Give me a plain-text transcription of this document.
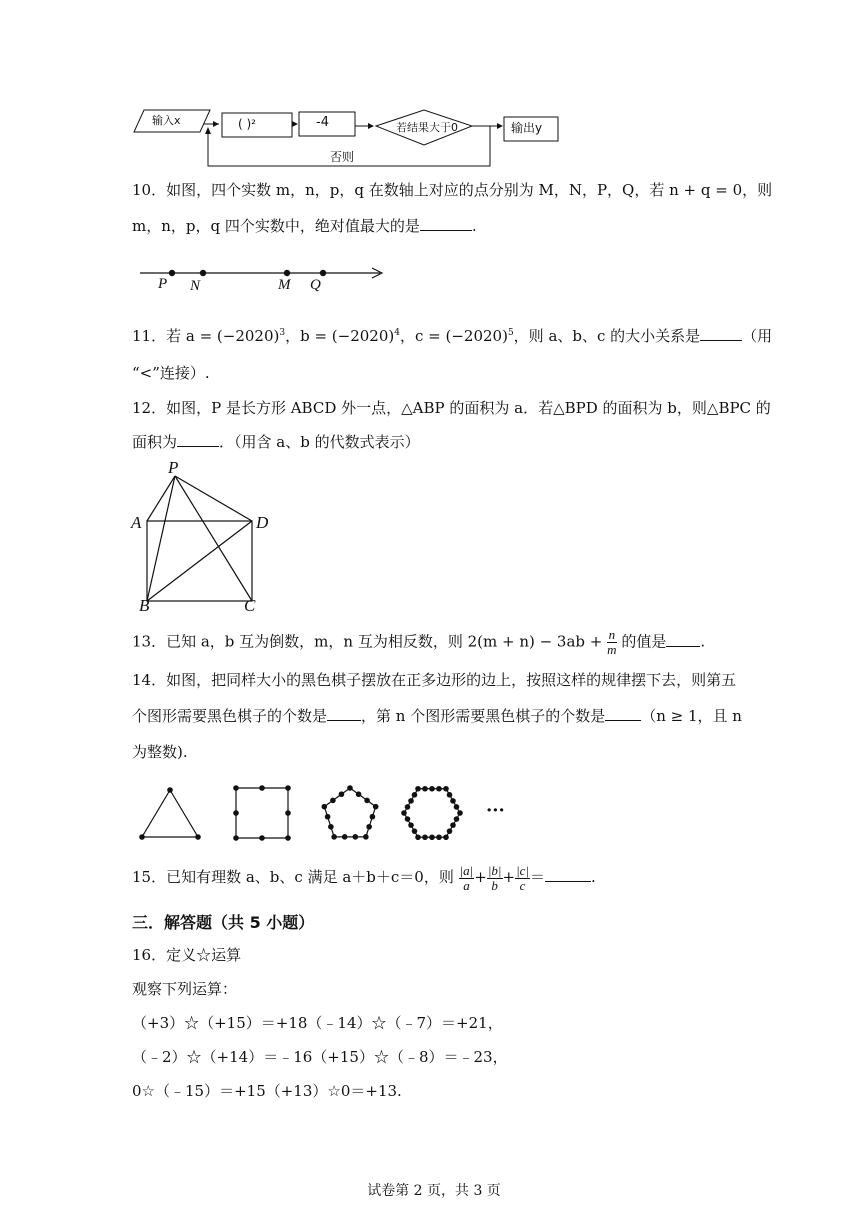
输入x	( )²	-4	若结果大于0	输出y
否则
10．如图，四个实数 m，n，p，q 在数轴上对应的点分别为 M，N，P，Q，若 n + q = 0，则
m，n，p，q 四个实数中，绝对值最大的是	.
P N	M Q
11．若 $a = (-2020)^3$，$b = (-2020)^4$，$c = (-2020)^5$，则 a、b、c 的大小关系是	（用
“<”连接）.
12．如图，P 是长方形 ABCD 外一点，△ABP 的面积为 a．若△BPD 的面积为 b，则△BPC 的
面积为	．（用含 a、b 的代数式表示）
P
A	D
B	C
13．已知 a，b 互为倒数，m，n 互为相反数，则 $2(m + n) - 3ab + \frac{n}{m}$ 的值是 .
14．如图，把同样大小的黑色棋子摆放在正多边形的边上，按照这样的规律摆下去，则第五
个图形需要黑色棋子的个数是 ，第 n 个图形需要黑色棋子的个数是 （n ≥ 1，且 n
为整数).
···
15．已知有理数 a、b、c 满足 a＋b＋c＝0，则 $\frac{|a|}{a} + \frac{|b|}{b} + \frac{|c|}{c}$ ＝	.
三．解答题（共 5 小题）
16．定义☆运算
观察下列运算：
（+3）☆（+15）＝+18（﹣14）☆（﹣7）＝+21，
（﹣2）☆（+14）＝﹣16（+15）☆（﹣8）＝﹣23，
0☆（﹣15）＝+15（+13）☆0＝+13.
试卷第 2 页，共 3 页
